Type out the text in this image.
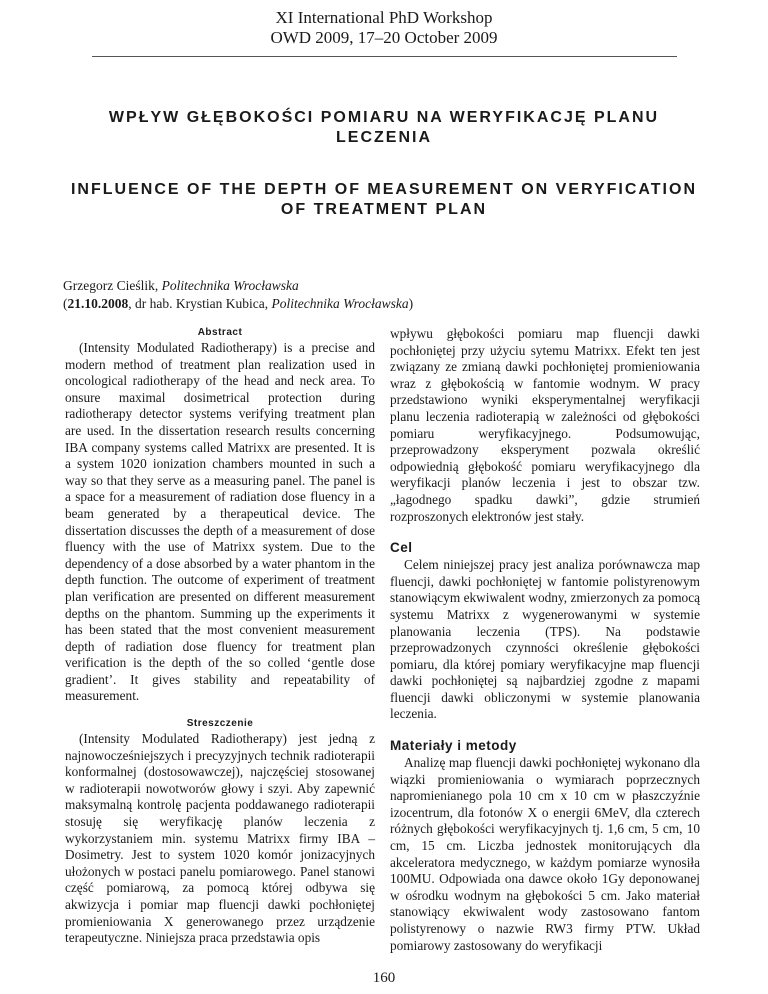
XI International PhD Workshop
OWD 2009, 17–20 October 2009
WPŁYW GŁĘBOKOŚCI POMIARU NA WERYFIKACJĘ PLANU LECZENIA
INFLUENCE OF THE DEPTH OF MEASUREMENT ON VERYFICATION OF TREATMENT PLAN
Grzegorz Cieślik, Politechnika Wrocławska
(21.10.2008, dr hab. Krystian Kubica, Politechnika Wrocławska)
Abstract

(Intensity Modulated Radiotherapy) is a precise and modern method of treatment plan realization used in oncological radiotherapy of the head and neck area. To onsure maximal dosimetrical protection during radiotherapy detector systems verifying treatment plan are used. In the dissertation research results concerning IBA company systems called Matrixx are presented. It is a system 1020 ionization chambers mounted in such a way so that they serve as a measuring panel. The panel is a space for a measurement of radiation dose fluency in a beam generated by a therapeutical device. The dissertation discusses the depth of a measurement of dose fluency with the use of Matrixx system. Due to the dependency of a dose absorbed by a water phantom in the depth function. The outcome of experiment of treatment plan verification are presented on different measurement depths on the phantom. Summing up the experiments it has been stated that the most convenient measurement depth of radiation dose fluency for treatment plan verification is the depth of the so colled ‘gentle dose gradient’. It gives stability and repeatability of measurement.

Streszczenie

(Intensity Modulated Radiotherapy) jest jedną z najnowocześniejszych i precyzyjnych technik radioterapii konformalnej (dostosowawczej), najczęściej stosowanej w radioterapii nowotworów głowy i szyi. Aby zapewnić maksymalną kontrolę pacjenta poddawanego radioterapii stosuję się weryfikację planów leczenia z wykorzystaniem min. systemu Matrixx firmy IBA – Dosimetry. Jest to system 1020 komór jonizacyjnych ułożonych w postaci panelu pomiarowego. Panel stanowi część pomiarową, za pomocą której odbywa się akwizycja i pomiar map fluencji dawki pochłoniętej promieniowania X generowanego przez urządzenie terapeutyczne. Niniejsza praca przedstawia opis

wpływu głębokości pomiaru map fluencji dawki pochłoniętej przy użyciu sytemu Matrixx. Efekt ten jest związany ze zmianą dawki pochłoniętej promieniowania wraz z głębokością w fantomie wodnym. W pracy przedstawiono wyniki eksperymentalnej weryfikacji planu leczenia radioterapią w zależności od głębokości pomiaru weryfikacyjnego. Podsumowując, przeprowadzony eksperyment pozwala określić odpowiednią głębokość pomiaru weryfikacyjnego dla weryfikacji planów leczenia i jest to obszar tzw. „łagodnego spadku dawki”, gdzie strumień rozproszonych elektronów jest stały.

Cel

Celem niniejszej pracy jest analiza porównawcza map fluencji, dawki pochłoniętej w fantomie polistyrenowym stanowiącym ekwiwalent wodny, zmierzonych za pomocą systemu Matrixx z wygenerowanymi w systemie planowania leczenia (TPS). Na podstawie przeprowadzonych czynności określenie głębokości pomiaru, dla której pomiary weryfikacyjne map fluencji dawki pochłoniętej są najbardziej zgodne z mapami fluencji dawki obliczonymi w systemie planowania leczenia.

Materiały i metody

Analizę map fluencji dawki pochłoniętej wykonano dla wiązki promieniowania o wymiarach poprzecznych napromienianego pola 10 cm x 10 cm w płaszczyźnie izocentrum, dla fotonów X o energii 6MeV, dla czterech różnych głębokości weryfikacyjnych tj. 1,6 cm, 5 cm, 10 cm, 15 cm. Liczba jednostek monitorujących dla akceleratora medycznego, w każdym pomiarze wynosiła 100MU. Odpowiada ona dawce około 1Gy deponowanej w ośrodku wodnym na głębokości 5 cm. Jako materiał stanowiący ekwiwalent wody zastosowano fantom polistyrenowy o nazwie RW3 firmy PTW. Układ pomiarowy zastosowany do weryfikacji

160
